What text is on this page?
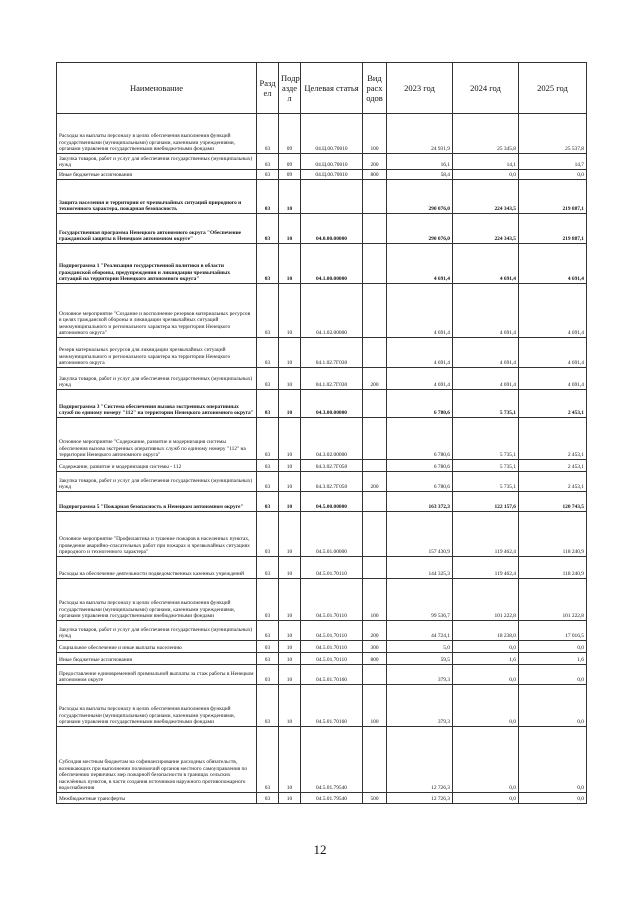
Наименование	Разд ел	Подр азде л	Целевая статья	Вид расх одов	2023 год	2024 год	2025 год
Расходы на выплаты персоналу в целях обеспечения выполнения функций государственными (муниципальными) органами, казенными учреждениями, органами управления государственными внебюджетными фондами	03	09	04.Ц.00.70010	100	24 931,9	25 345,8	25 537,8
Закупка товаров, работ и услуг для обеспечения государственных (муниципальных) нужд	03	09	04.Ц.00.70010	200	16,1	14,1	14,7
Иные бюджетные ассигнования	03	09	04.Ц.00.70010	800	58,4	0,0	0,0
Защита населения и территории от чрезвычайных ситуаций природного и техногенного характера, пожарная безопасность	03	10			290 076,0	224 343,5	219 887,1
Государственная программа Ненецкого автономного округа "Обеспечение гражданской защиты в Ненецком автономном округе"	03	10	04.0.00.00000		290 076,0	224 343,5	219 887,1
Подпрограмма 1 "Реализация государственной политики в области гражданской обороны, предупреждения и ликвидации чрезвычайных ситуаций на территории Ненецкого автономного округа"	03	10	04.1.00.00000		4 691,4	4 691,4	4 691,4
Основное мероприятие "Создание и восполнение резервов материальных ресурсов в целях гражданской обороны и ликвидации чрезвычайных ситуаций межмуниципального и регионального характера на территории Ненецкого автономного округа"	03	10	04.1.02.00000		4 691,4	4 691,4	4 691,4
Резерв материальных ресурсов для ликвидации чрезвычайных ситуаций межмуниципального и регионального характера на территории Ненецкого автономного округа	03	10	04.1.02.7Г030		4 691,4	4 691,4	4 691,4
Закупка товаров, работ и услуг для обеспечения государственных (муниципальных) нужд	03	10	04.1.02.7Г030	200	4 691,4	4 691,4	4 691,4
Подпрограмма 3 "Система обеспечения вызова экстренных оперативных служб по единому номеру "112" на территории Ненецкого автономного округа"	03	10	04.3.00.00000		6 780,6	5 735,1	2 453,1
Основное мероприятие "Содержание, развитие и модернизация системы обеспечения вызова экстренных оперативных служб по единому номеру "112" на территории Ненецкого автономного округа"	03	10	04.3.02.00000		6 780,6	5 735,1	2 453,1
Содержание, развитие и модернизация системы - 112	03	10	04.3.02.7Г050		6 780,6	5 735,1	2 453,1
Закупка товаров, работ и услуг для обеспечения государственных (муниципальных) нужд	03	10	04.3.02.7Г050	200	6 780,6	5 735,1	2 453,1
Подпрограмма 5 "Пожарная безопасность в Ненецком автономном округе"	03	10	04.5.00.00000		163 372,3	122 157,6	120 743,5
Основное мероприятие "Профилактика и тушение пожаров в населенных пунктах, проведение аварийно-спасательных работ при пожарах и чрезвычайных ситуациях природного и техногенного характера"	03	10	04.5.01.00000		157 430,9	119 462,4	118 240,9
Расходы на обеспечение деятельности подведомственных казенных учреждений	03	10	04.5.01.70110		144 325,3	119 462,4	118 240,9
Расходы на выплаты персоналу в целях обеспечения выполнения функций государственными (муниципальными) органами, казенными учреждениями, органами управления государственными внебюджетными фондами	03	10	04.5.01.70110	100	99 536,7	101 222,8	101 222,8
Закупка товаров, работ и услуг для обеспечения государственных (муниципальных) нужд	03	10	04.5.01.70110	200	44 724,1	18 238,0	17 016,5
Социальное обеспечение и иные выплаты населению	03	10	04.5.01.70110	300	5,0	0,0	0,0
Иные бюджетные ассигнования	03	10	04.5.01.70110	800	59,5	1,6	1,6
Предоставление единовременной примиальной выплаты за стаж работы в Ненецком автономном округе	03	10	04.5.01.70160		379,3	0,0	0,0
Расходы на выплаты персоналу в целях обеспечения выполнения функций государственными (муниципальными) органами, казенными учреждениями, органами управления государственными внебюджетными фондами	03	10	04.5.01.70160	100	379,3	0,0	0,0
Субсидия местным бюджетам на софинансирование расходных обязательств, возникающих при выполнении полномочий органов местного самоуправления по обеспечению первичных мер пожарной безопасности в границах сельских населённых пунктов, в части создания источников наружного противопожарного водоснабжения	03	10	04.5.01.79540		12 726,3	0,0	0,0
Межбюджетные трансферты	03	10	04.5.01.79540	500	12 726,3	0,0	0,0
12
